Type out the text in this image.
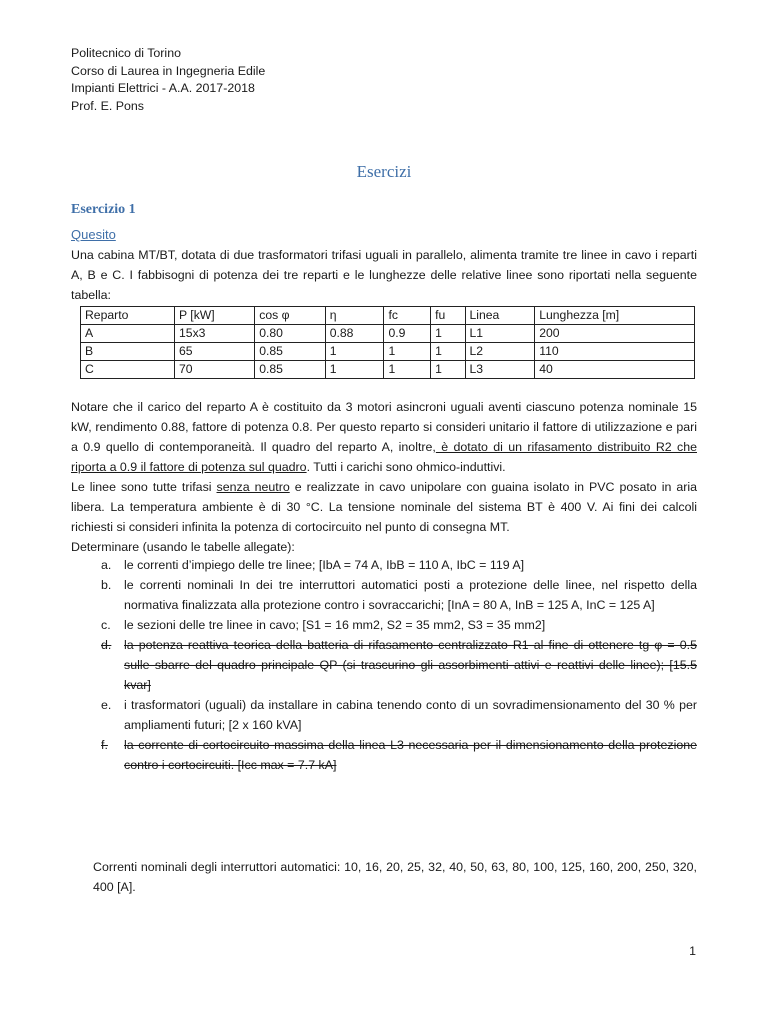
Politecnico di Torino
Corso di Laurea in Ingegneria Edile
Impianti Elettrici - A.A. 2017-2018
Prof. E. Pons
Esercizi
Esercizio 1
Quesito
Una cabina MT/BT, dotata di due trasformatori trifasi uguali in parallelo, alimenta tramite tre linee in cavo i reparti A, B e C. I fabbisogni di potenza dei tre reparti e le lunghezze delle relative linee sono riportati nella seguente tabella:
Reparto	P [kW]	cos φ	η	fc	fu	Linea	Lunghezza [m]
A	15x3	0.80	0.88	0.9	1	L1	200
B	65	0.85	1	1	1	L2	110
C	70	0.85	1	1	1	L3	40
Notare che il carico del reparto A è costituito da 3 motori asincroni uguali aventi ciascuno potenza nominale 15 kW, rendimento 0.88, fattore di potenza 0.8. Per questo reparto si consideri unitario il fattore di utilizzazione e pari a 0.9 quello di contemporaneità. Il quadro del reparto A, inoltre, è dotato di un rifasamento distribuito R2 che riporta a 0.9 il fattore di potenza sul quadro. Tutti i carichi sono ohmico-induttivi.
Le linee sono tutte trifasi senza neutro e realizzate in cavo unipolare con guaina isolato in PVC posato in aria libera. La temperatura ambiente è di 30 °C. La tensione nominale del sistema BT è 400 V. Ai fini dei calcoli richiesti si consideri infinita la potenza di cortocircuito nel punto di consegna MT.
Determinare (usando le tabelle allegate):
a. le correnti d’impiego delle tre linee; [IbA = 74 A, IbB = 110 A, IbC = 119 A]
b. le correnti nominali In dei tre interruttori automatici posti a protezione delle linee, nel rispetto della normativa finalizzata alla protezione contro i sovraccarichi; [InA = 80 A, InB = 125 A, InC = 125 A]
c. le sezioni delle tre linee in cavo; [S1 = 16 mm2, S2 = 35 mm2, S3 = 35 mm2]
d. la potenza reattiva teorica della batteria di rifasamento centralizzato R1 al fine di ottenere tg φ = 0.5 sulle sbarre del quadro principale QP (si trascurino gli assorbimenti attivi e reattivi delle linee); [15.5 kvar]
e. i trasformatori (uguali) da installare in cabina tenendo conto di un sovradimensionamento del 30 % per ampliamenti futuri; [2 x 160 kVA]
f. la corrente di cortocircuito massima della linea L3 necessaria per il dimensionamento della protezione contro i cortocircuiti. [Icc max = 7.7 kA]
Correnti nominali degli interruttori automatici: 10, 16, 20, 25, 32, 40, 50, 63, 80, 100, 125, 160, 200, 250, 320, 400 [A].
1
